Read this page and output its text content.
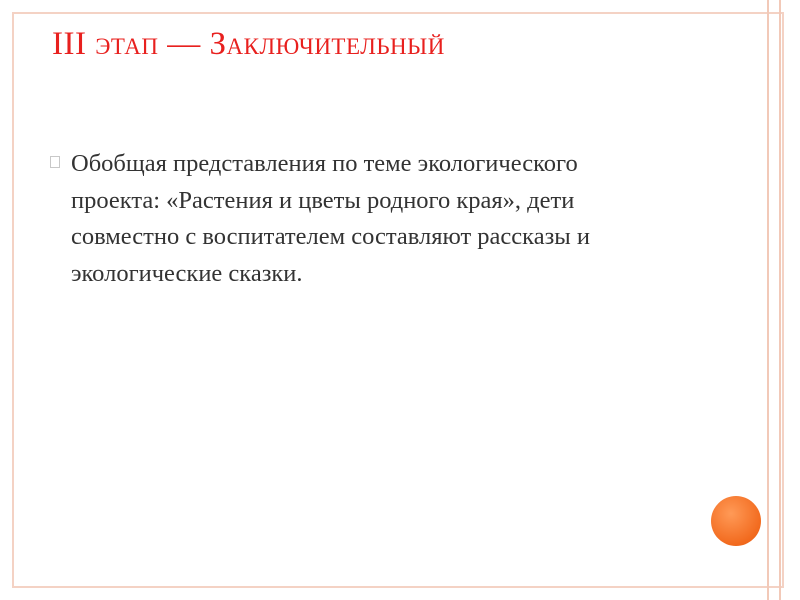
III этап — Заключительный

Обобщая представления по теме экологического проекта: «Растения и цветы родного края», дети совместно с воспитателем составляют рассказы и экологические сказки.
